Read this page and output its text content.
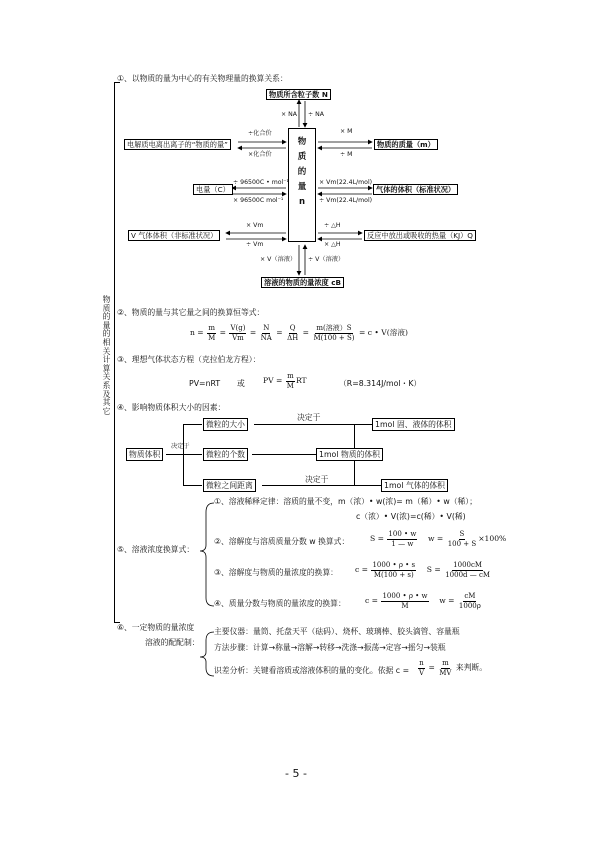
物质的量的相关计算关系及其它
①、以物质的量为中心的有关物理量的换算关系：
物
质
的
量
n
物质所含粒子数 N
× NA ÷ NA
电解质电离出离子的“物质的量”
÷化合价
×化合价
物质的质量（m）
× M
÷ M
电量（C）
÷ 96500C • mol⁻¹
× 96500C mol⁻¹
气体的体积（标准状况）
× Vm(22.4L/mol)
÷ Vm(22.4L/mol)
V 气体体积（非标准状况）
× Vm
÷ Vm
反应中放出或吸收的热量（KJ）Q
÷ △H
× △H
× V（溶液） ÷ V（溶液）
溶液的物质的量浓度 cB
②、物质的量与其它量之间的换算恒等式：
$n = \frac{m}{M} = \frac{V(g)}{Vm} = \frac{N}{NA} = \frac{Q}{\Delta H} = \frac{\text{m(溶液）S}}{M(100 + S)} = c$ • V(溶液)
③、理想气体状态方程（克拉伯龙方程）：
PV=nRT 或 PV = $\frac{m}{M}$ RT	（R=8.314J/mol・K）
④、影响物质体积大小的因素：
物质体积
决定于
微粒的大小
微粒的个数
微粒之间距离
1mol 固、液体的体积
1mol 物质的体积
1mol 气体的体积
决定于
决定于
⑤、溶液浓度换算式：
①、溶液稀释定律：溶质的量不变，m（浓）• w(浓)= m（稀）• w（稀）；
c（浓）• V(浓)=c(稀）• V(稀)
②、溶解度与溶质质量分数 w 换算式：	$S = \frac{100 • w}{1 — w}$ $w = \frac{S}{100 + S} \times 100\%$
③、溶解度与物质的量浓度的换算： $c = \frac{1000 • \rho • s}{M(100 + s)}$ $S = \frac{1000cM}{1000d — cM}$
④、质量分数与物质的量浓度的换算：	$c = \frac{1000 • \rho • w}{M}$ $w = \frac{cM}{1000\rho}$
⑥、一定物质的量浓度
溶液的配配制：
主要仪器：量筒、托盘天平（砝码）、烧杯、玻璃棒、胶头滴管、容量瓶
方法步骤：计算→称量→溶解→转移→洗涤→振荡→定容→摇匀→装瓶
识差分析：关键看溶质或溶液体积的量的变化。依据 $c = \frac{n}{V} = \frac{m}{MV}$ 来判断。
- 5 -
